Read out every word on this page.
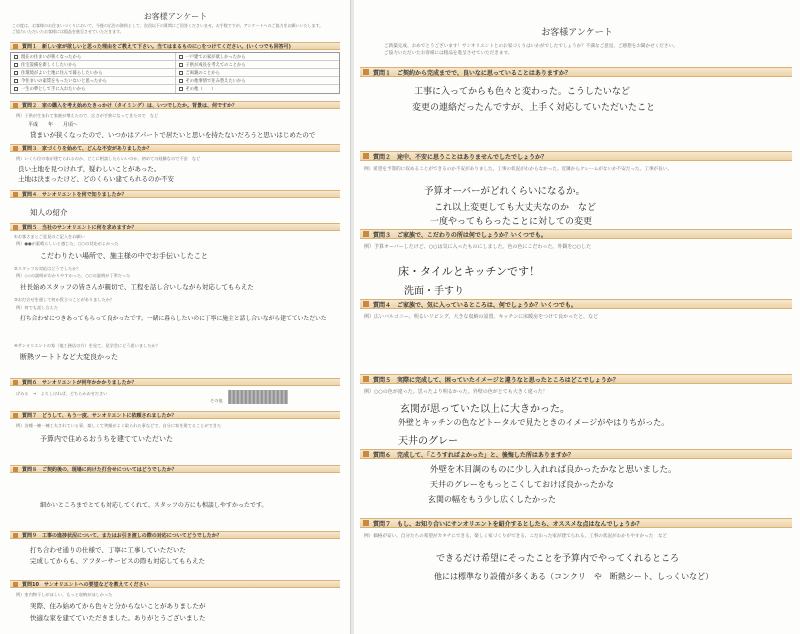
お客様アンケート
この度は、お客様のお住まいづくりにおいて、今後の広告の資料として、次回以下の質問にご回答くださいませ。お手数ですが、アンケートへのご協力をお願いいたします。
ご協力いただいたお客様には粗品を進呈させていただきます。
質問１　新しい家が欲しいと思った理由をご教えて下さい。当てはまるものに○をつけてください。(いくつでも回答可)
現在の住まいが狭くなったから	一戸建ての家が欲しかったから
住宅設備を新しくしたいから	子供が成長を考えてのことから
住環境がよい土地に住んで暮らしたいから	ご両親のことから
今住まいの家賃をもったいないと思ったから	その他事情で住み替えたいから
一生の夢として手に入れたいから	その他（　　）
質問２　家の購入を考え始めたきっかけ（タイミング）は、いつでしたか。背景は、何ですか？
例）子供が生まれて家族が増えたので、広さが手狭になってきたので　など
平成　　年　　月頃～
貸まいが狭くなったので、いつかはアパートで居たいと思いを持たないだろうと思いはじめたので
質問３　家づくりを始めて、どんな不安がありましたか？
例）いくら位の家が建てられるのか、どこに相談したらいいのか、初めての経験なので不安　など
良い土地を見つけれず、疑わしいことがあった。
土地は決まったけど、どのくらい建てられるのか不安
質問４　サンオリエントを何で知りましたか？
知人の紹介
質問５　当社のサンオリエントに何を求めますか？
①お客さまとご意見のご記入をお願い
例）●●が素晴らしいと感じた。○○の対応がよかった
こだわりたい場所で、施主様の中でお手伝いしたこと
②スタッフの対応はどうでしたか？
例）◇◇の説明がわかりやすかった、○○の説明が丁寧だった
社長始めスタッフの皆さんが親切で、工程を話し合いしながら対応してもらえた
③お打合せを通して何か役立つことがありましたか？
例）何でも話し合えた
打ち合わせにつきあってもらって良かったです。一緒に暮らしたいのに丁寧に施主と話し合いながら建てていただいた
④サンオリエントの家（他工務店の方）を見て、見学会にどう思いましたか？
断熱ツートトなど大変良かった
質問６　サンオリエントが何年かかかりましたか？
げみる　→　よろしければ、どちらかおせださい
その他
質問７　どうして、もう一度、サンオリエントに依頼されましたか？
例）各種一棟一棟工夫されている事、楽しくて笑顔がよく取られた事などで、自分に家を建てることができた
予算内で住めるおうちを建てていただいた
質問８　ご契約後の、現場に向けた打合せについてはどうでしたか？
細かいところまでとても対応してくれて、スタッフの方にも相談しやすかったです。
質問９　工事の進捗状況について、またはお引き渡しの際の対応についてどうでしたか？
打ち合わせ通りの仕様で、丁寧に工事していただいた
完成してからも、アフターサービスの際も対応してもらえた
質問10　サンオリエントへの要望などを教えてください
例）室内物干しがほしい、もっと収納がほしかった
実際、住み始めてから色々と分からないことがありましたが
快適な家を建てていただきました。ありがとうございました
お客様アンケート
ご新築完成、おめでとうございます！サンオリエントとのお家づくりはいかがでしたでしょうか？不満なご意見、ご感想をお聞かせください。
ご協力いただいたお客様には粗品を進呈させていただきます。
質問１　ご契約から完成までで、良いなに思っていることはありますか？
工事に入ってからも色々と変わった。こうしたいなど
変更の連絡だったんですが、上手く対応していただいたこと
質問２　途中、不安に思うことはありませんでしたでしょうか？
例）希望を予算的に収めることができるのか不安がありました。工事の状況がわからなかった。近隣からクレームがないか不安だった。工事が長い。
予算オーバーがどれくらいになるか。
これ以上変更しても大丈夫なのか　など
一度やってもらったことに対しての変更
質問３　ご家族で、こだわりの所は何でしょうか？いくつでも。
例）予算オーバーしたけど、○○は気に入ったものにしました。色の色にこだわった。外観を○○した
床・タイルとキッチンです！
洗面・手すり
質問４　ご家族で、気に入っているところは、何でしょうか？いくつでも。
例）広いバルコニー、明るいリビング、大きな収納の設置、キッチンに床暖房をつけて良かったと、など
質問５　実際に完成して、困っていたイメージと違うなと思ったところはどこでしょうか？
例）○○の色が違った。思ったより明るかった。外壁の色がとても大きく違った！
玄関が思っていた以上に大きかった。
外壁とキッチンの色などトータルで見たときのイメージがやはりちがった。
天井のグレー
質問６　完成して、「こうすればよかった」と、後悔した所はありますか？
外壁を木目調のものに少し入れれば良かったかなと思いました。
天井のグレーをもっとこくしておけば良かったかな
玄関の幅をもう少し広くしたかった
質問７　もし、お知り合いにサンオリエントを紹介するとしたら、オススメな点はなんでしょうか？
例）価格が安い、自分たちの希望がカタチにできる、楽しく家づくりができる、こだわった家が建てられる、工事の状況がわかりやすかった　など
できるだけ希望にそったことを予算内でやってくれるところ
他には標準なり設備が多くある（コンクリ　や　断熱シート、しっくいなど）
